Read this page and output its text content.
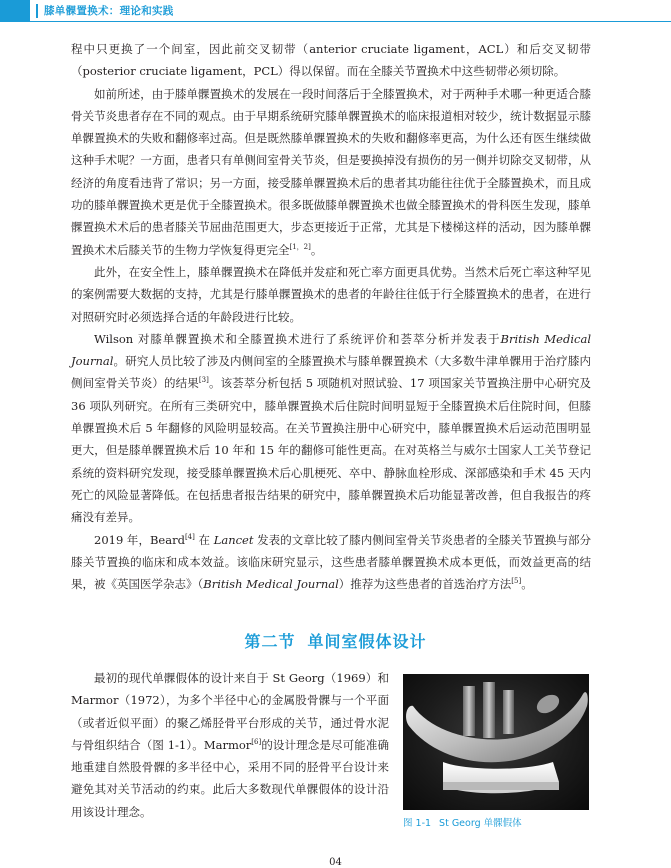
膝单髁置换术：理论和实践

程中只更换了一个间室，因此前交叉韧带（anterior cruciate ligament，ACL）和后交叉韧带（posterior cruciate ligament，PCL）得以保留。而在全膝关节置换术中这些韧带必须切除。

如前所述，由于膝单髁置换术的发展在一段时间落后于全膝置换术，对于两种手术哪一种更适合膝骨关节炎患者存在不同的观点。由于早期系统研究膝单髁置换术的临床报道相对较少，统计数据显示膝单髁置换术的失败和翻修率过高。但是既然膝单髁置换术的失败和翻修率更高，为什么还有医生继续做这种手术呢？一方面，患者只有单侧间室骨关节炎，但是要换掉没有损伤的另一侧并切除交叉韧带，从经济的角度看违背了常识；另一方面，接受膝单髁置换术后的患者其功能往往优于全膝置换术，而且成功的膝单髁置换术更是优于全膝置换术。很多既做膝单髁置换术也做全膝置换术的骨科医生发现，膝单髁置换术术后的患者膝关节屈曲范围更大，步态更接近于正常，尤其是下楼梯这样的活动，因为膝单髁置换术术后膝关节的生物力学恢复得更完全[1，2]。

此外，在安全性上，膝单髁置换术在降低并发症和死亡率方面更具优势。当然术后死亡率这种罕见的案例需要大数据的支持，尤其是行膝单髁置换术的患者的年龄往往低于行全膝置换术的患者，在进行对照研究时必须选择合适的年龄段进行比较。

Wilson 对膝单髁置换术和全膝置换术进行了系统评价和荟萃分析并发表于British Medical Journal。研究人员比较了涉及内侧间室的全膝置换术与膝单髁置换术（大多数牛津单髁用于治疗膝内侧间室骨关节炎）的结果[3]。该荟萃分析包括 5 项随机对照试验、17 项国家关节置换注册中心研究及 36 项队列研究。在所有三类研究中，膝单髁置换术后住院时间明显短于全膝置换术后住院时间，但膝单髁置换术后 5 年翻修的风险明显较高。在关节置换注册中心研究中，膝单髁置换术后运动范围明显更大，但是膝单髁置换术后 10 年和 15 年的翻修可能性更高。在对英格兰与威尔士国家人工关节登记系统的资料研究发现，接受膝单髁置换术后心肌梗死、卒中、静脉血栓形成、深部感染和手术 45 天内死亡的风险显著降低。在包括患者报告结果的研究中，膝单髁置换术后功能显著改善，但自我报告的疼痛没有差异。

2019 年，Beard[4] 在 Lancet 发表的文章比较了膝内侧间室骨关节炎患者的全膝关节置换与部分膝关节置换的临床和成本效益。该临床研究显示，这些患者膝单髁置换术成本更低，而效益更高的结果，被《英国医学杂志》（British Medical Journal）推荐为这些患者的首选治疗方法[5]。

第二节 单间室假体设计

最初的现代单髁假体的设计来自于 St Georg（1969）和 Marmor（1972），为多个半径中心的金属股骨髁与一个平面（或者近似平面）的聚乙烯胫骨平台形成的关节，通过骨水泥与骨组织结合（图 1-1）。Marmor[6]的设计理念是尽可能准确地重建自然股骨髁的多半径中心，采用不同的胫骨平台设计来避免其对关节活动的约束。此后大多数现代单髁假体的设计沿用该设计理念。

图 1-1 St Georg 单髁假体
04
